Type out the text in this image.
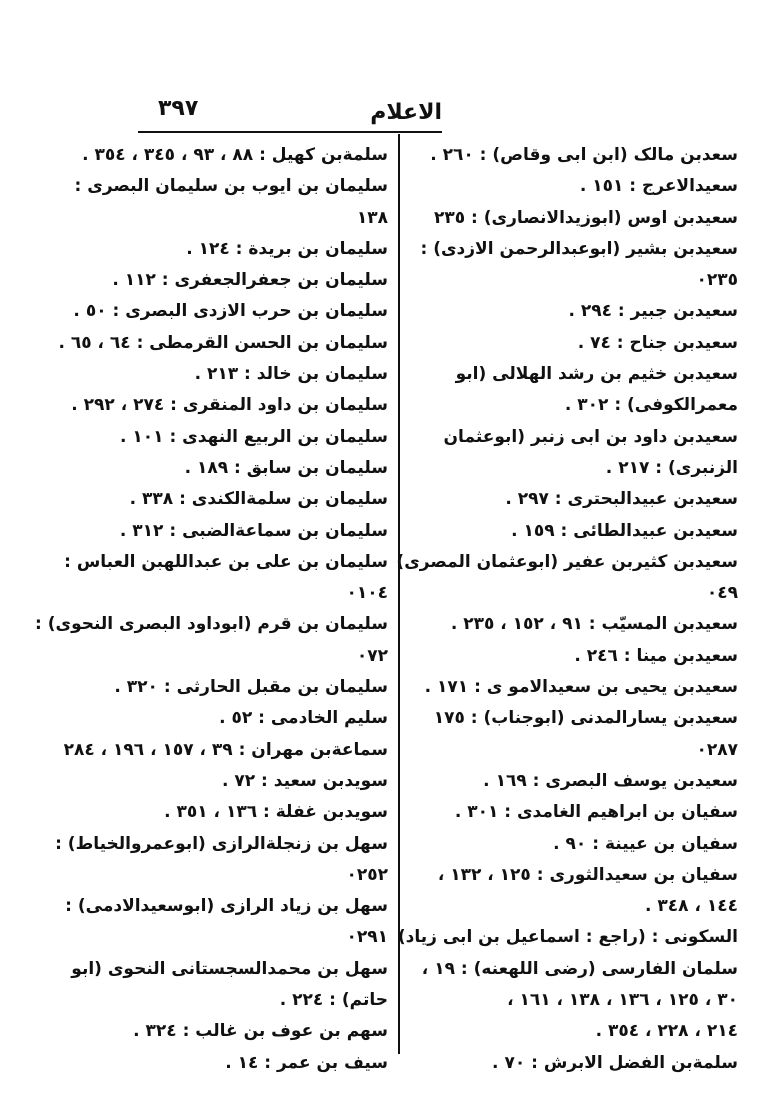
٣٩٧	الاعلام
سعدبن مالک (ابن ابی وقاص) : ۲٦٠ .
سعيدالاعرج : ١٥١ .
سعیدبن اوس (ابوزيدالانصاری) : ۲۳٥
سعیدبن بشیر (ابوعبدالرحمن الازدی) :
٠٢٣٥
سعیدبن جبیر : ٢٩٤ .
سعیدبن جناح : ٧٤ .
سعیدبن خثیم بن رشد الهلالی (ابو
معمرالكوفی) : ٣٠٢ .
سعیدبن داود بن ابی زنبر (ابوعثمان
الزنبری) : ٢١٧ .
سعيدبن عبيدالبحتری : ۲۹۷ .
سعيدبن عبيدالطائی : ١٥٩ .
سعیدبن کثیربن عفیر (ابوعثمان المصری)
٠٤٩
سعيدبن المسيّب : ٩١ ، ١٥٢ ، ٢٣٥ .
سعيدبن مينا : ٢٤٦ .
سعيدبن يحيى بن سعيدالامو ی : ١٧١ .
سعیدبن يسارالمدنی (ابوجناب) : ١٧٥
٠٢٨٧
سعيدبن يوسف البصری : ١٦٩ .
سفیان بن ابراهیم الغامدی : ٣٠١ .
سفیان بن عیینة : ٩٠ .
سفیان بن سعیدالثوری : ١٢٥ ، ١٣٢ ،
١٤٤ ، ٣٤٨ .
السكونی : (راجع : اسماعيل بن ابی زیاد)
سلمان الفارسی (رضی اللهعنه) : ١٩ ،
٣٠ ، ١٢٥ ، ١٣٦ ، ١٣٨ ، ١٦١ ،
٢١٤ ، ٢٢٨ ، ٣٥٤ .
سلمةبن الفضل الابرش : ٧٠ .
سلمةبن کهیل : ٨٨ ، ٩٣ ، ٣٤٥ ، ٣٥٤ .
سلیمان بن ایوب بن سلیمان البصری :
١٣٨
سليمان بن بريدة : ١٢٤ .
سليمان بن جعفرالجعفری : ١١٢ .
سليمان بن حرب الازدی البصری : ٥٠ .
سليمان بن الحسن القرمطی : ٦٤ ، ٦٥ .
سليمان بن خالد : ٢١٣ .
سليمان بن داود المنقری : ٢٧٤ ، ٢٩٢ .
سليمان بن الربيع النهدی : ١٠١ .
سليمان بن سابق : ١٨٩ .
سلیمان بن سلمةالكندی : ٣٣٨ .
سليمان بن سماعةالضبی : ٣١٢ .
سليمان بن علی بن عبداللهبن العباس :
٠١٠٤
سليمان بن قرم (ابوداود البصری النحوی) :
٠٧٢
سليمان بن مقبل الحارثی : ٣٢٠ .
سليم الخادمی : ٥٢ .
سماعةبن مهران : ٣٩ ، ١٥٧ ، ١٩٦ ، ٢٨٤
سويدبن سعيد : ٧٢ .
سويدبن غفلة : ١٣٦ ، ٣٥١ .
سهل بن زنجلةالرازی (ابوعمروالخياط) :
٠٢٥٢
سهل بن زياد الرازی (ابوسعيدالادمی) :
٠٢٩١
سهل بن محمدالسجستانی النحوی (ابو
حاتم) : ٢٢٤ .
سهم بن عوف بن غالب : ٣٢٤ .
سيف بن عمر : ١٤ .
